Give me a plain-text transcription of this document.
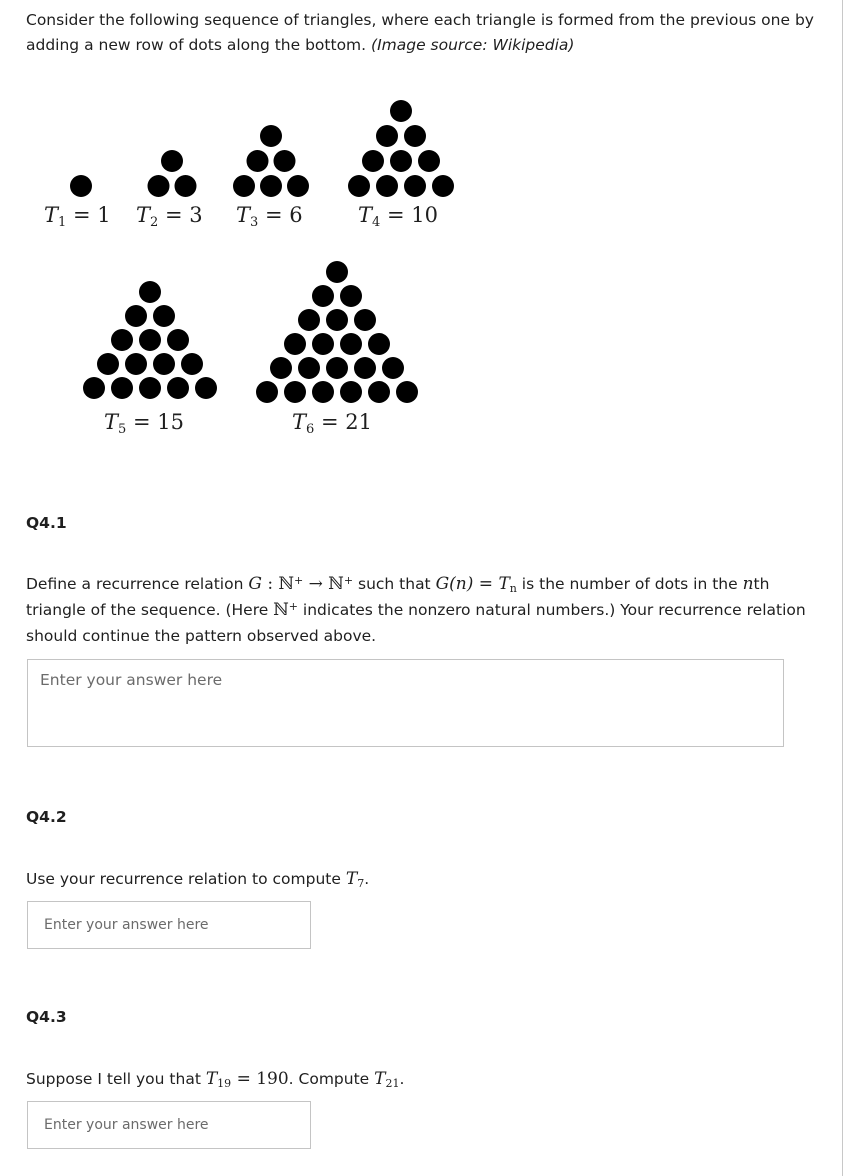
Consider the following sequence of triangles, where each triangle is formed from the previous one by adding a new row of dots along the bottom. (Image source: Wikipedia)
$T_1 = 1$ $T_2 = 3$ $T_3 = 6$	$T_4 = 10$
$T_5 = 15$	$T_6 = 21$
Q4.1
Define a recurrence relation G : ℕ+ → ℕ+ such that $G(n) = T_n$ is the number of dots in the nth triangle of the sequence. (Here ℕ+ indicates the nonzero natural numbers.) Your recurrence relation should continue the pattern observed above.
Enter your answer here
Q4.2
Use your recurrence relation to compute $T_7$.
Enter your answer here
Q4.3
Suppose I tell you that $T_{19} = 190$. Compute $T_{21}$.
Enter your answer here
